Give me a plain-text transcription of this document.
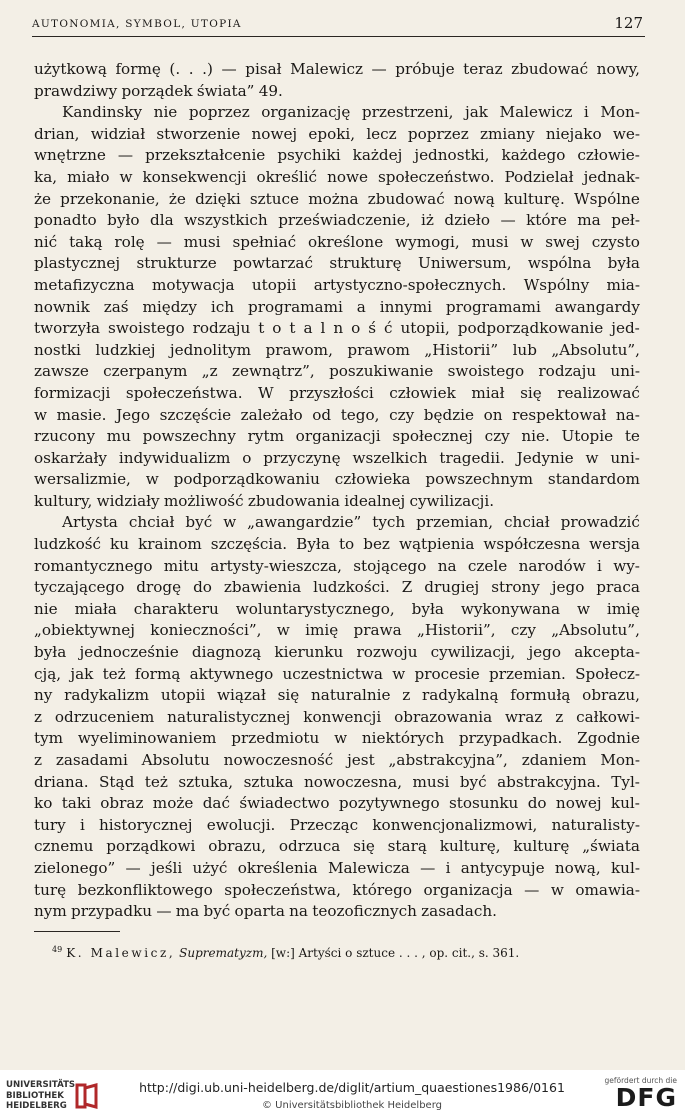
AUTONOMIA, SYMBOL, UTOPIA	127
użytkową formę (. . .) — pisał Malewicz — próbuje teraz zbudować nowy,
prawdziwy porządek świata” 49.
Kandinsky nie poprzez organizację przestrzeni, jak Malewicz i Mon-
drian, widział stworzenie nowej epoki, lecz poprzez zmiany niejako we-
wnętrzne — przekształcenie psychiki każdej jednostki, każdego człowie-
ka, miało w konsekwencji określić nowe społeczeństwo. Podzielał jednak-
że przekonanie, że dzięki sztuce można zbudować nową kulturę. Wspólne
ponadto było dla wszystkich przeświadczenie, iż dzieło — które ma peł-
nić taką rolę — musi spełniać określone wymogi, musi w swej czysto
plastycznej strukturze powtarzać strukturę Uniwersum, wspólna była
metafizyczna motywacja utopii artystyczno-społecznych. Wspólny mia-
nownik zaś między ich programami a innymi programami awangardy
tworzyła swoistego rodzaju t o t a l n o ś ć utopii, podporządkowanie jed-
nostki ludzkiej jednolitym prawom, prawom „Historii” lub „Absolutu”,
zawsze czerpanym „z zewnątrz”, poszukiwanie swoistego rodzaju uni-
formizacji społeczeństwa. W przyszłości człowiek miał się realizować
w masie. Jego szczęście zależało od tego, czy będzie on respektował na-
rzucony mu powszechny rytm organizacji społecznej czy nie. Utopie te
oskarżały indywidualizm o przyczynę wszelkich tragedii. Jedynie w uni-
wersalizmie, w podporządkowaniu człowieka powszechnym standardom
kultury, widziały możliwość zbudowania idealnej cywilizacji.
Artysta chciał być w „awangardzie” tych przemian, chciał prowadzić
ludzkość ku krainom szczęścia. Była to bez wątpienia współczesna wersja
romantycznego mitu artysty-wieszcza, stojącego na czele narodów i wy-
tyczającego drogę do zbawienia ludzkości. Z drugiej strony jego praca
nie miała charakteru woluntarystycznego, była wykonywana w imię
„obiektywnej konieczności”, w imię prawa „Historii”, czy „Absolutu”,
była jednocześnie diagnozą kierunku rozwoju cywilizacji, jego akcepta-
cją, jak też formą aktywnego uczestnictwa w procesie przemian. Społecz-
ny radykalizm utopii wiązał się naturalnie z radykalną formułą obrazu,
z odrzuceniem naturalistycznej konwencji obrazowania wraz z całkowi-
tym wyeliminowaniem przedmiotu w niektórych przypadkach. Zgodnie
z zasadami Absolutu nowoczesność jest „abstrakcyjna”, zdaniem Mon-
driana. Stąd też sztuka, sztuka nowoczesna, musi być abstrakcyjna. Tyl-
ko taki obraz może dać świadectwo pozytywnego stosunku do nowej kul-
tury i historycznej ewolucji. Przecząc konwencjonalizmowi, naturalisty-
cznemu porządkowi obrazu, odrzuca się starą kulturę, kulturę „świata
zielonego” — jeśli użyć określenia Malewicza — i antycypuje nową, kul-
turę bezkonfliktowego społeczeństwa, którego organizacja — w omawia-
nym przypadku — ma być oparta na teozoficznych zasadach.
$^{49}$ K. Malewicz, Suprematyzm, [w:] Artyści o sztuce . . . , op. cit., s. 361.
UNIVERSITÄTS-
BIBLIOTHEK
HEIDELBERG
http://digi.ub.uni-heidelberg.de/diglit/artium_quaestiones1986/0161
© Universitätsbibliothek Heidelberg
gefördert durch die
DFG
